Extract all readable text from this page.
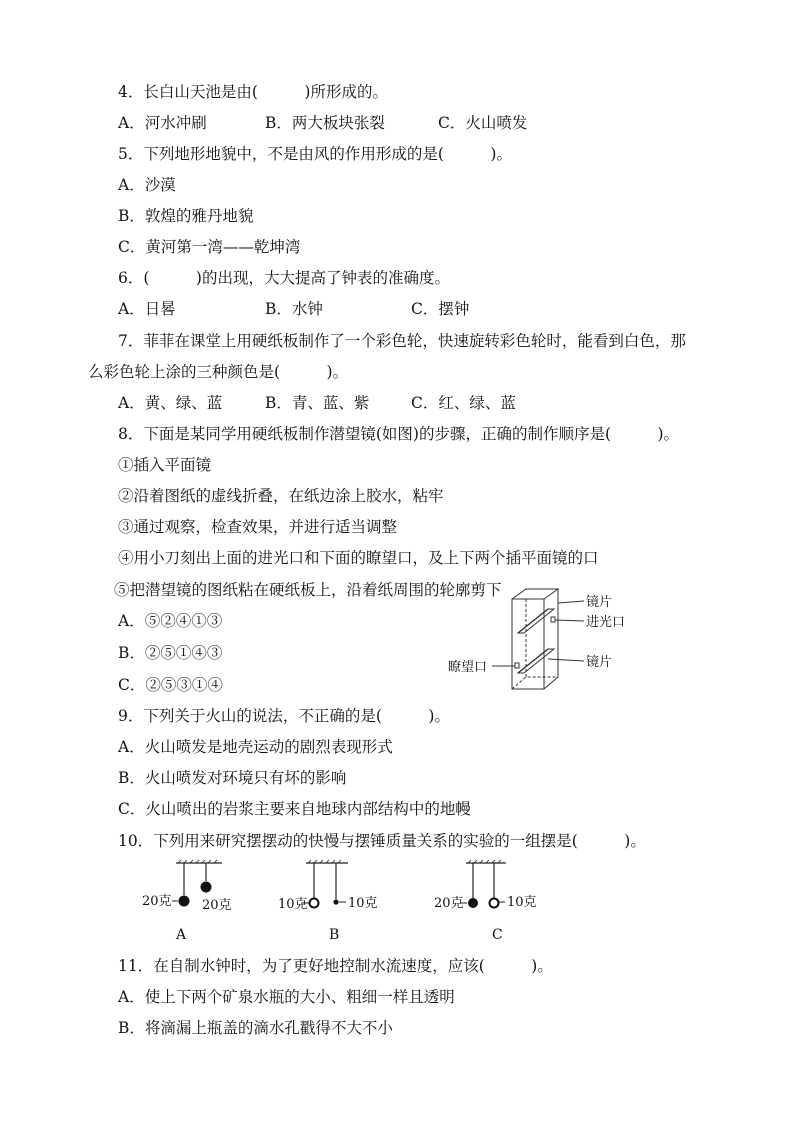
4．长白山天池是由(　　　)所形成的。
A．河水冲刷	B．两大板块张裂	C．火山喷发
5．下列地形地貌中，不是由风的作用形成的是(　　　)。
A．沙漠
B．敦煌的雅丹地貌
C．黄河第一湾——乾坤湾
6．(　　　)的出现，大大提高了钟表的准确度。
A．日晷	B．水钟	C．摆钟
7．菲菲在课堂上用硬纸板制作了一个彩色轮，快速旋转彩色轮时，能看到白色，那
么彩色轮上涂的三种颜色是(　　　)。
A．黄、绿、蓝	B．青、蓝、紫	C．红、绿、蓝
8．下面是某同学用硬纸板制作潜望镜(如图)的步骤，正确的制作顺序是(　　　)。
①插入平面镜
②沿着图纸的虚线折叠，在纸边涂上胶水，粘牢
③通过观察，检查效果，并进行适当调整
④用小刀刻出上面的进光口和下面的瞭望口，及上下两个插平面镜的口
⑤把潜望镜的图纸粘在硬纸板上，沿着纸周围的轮廓剪下
A．⑤②④①③
B．②⑤①④③
C．②⑤③①④
镜片
进光口
瞭望口	镜片
9．下列关于火山的说法，不正确的是(　　　)。
A．火山喷发是地壳运动的剧烈表现形式
B．火山喷发对环境只有坏的影响
C．火山喷出的岩浆主要来自地球内部结构中的地幔
10．下列用来研究摆摆动的快慢与摆锤质量关系的实验的一组摆是(　　　)。
20克 20克	10克	10克	20克	10克
A	B	C
11．在自制水钟时，为了更好地控制水流速度，应该(　　　)。
A．使上下两个矿泉水瓶的大小、粗细一样且透明
B．将滴漏上瓶盖的滴水孔戳得不大不小
